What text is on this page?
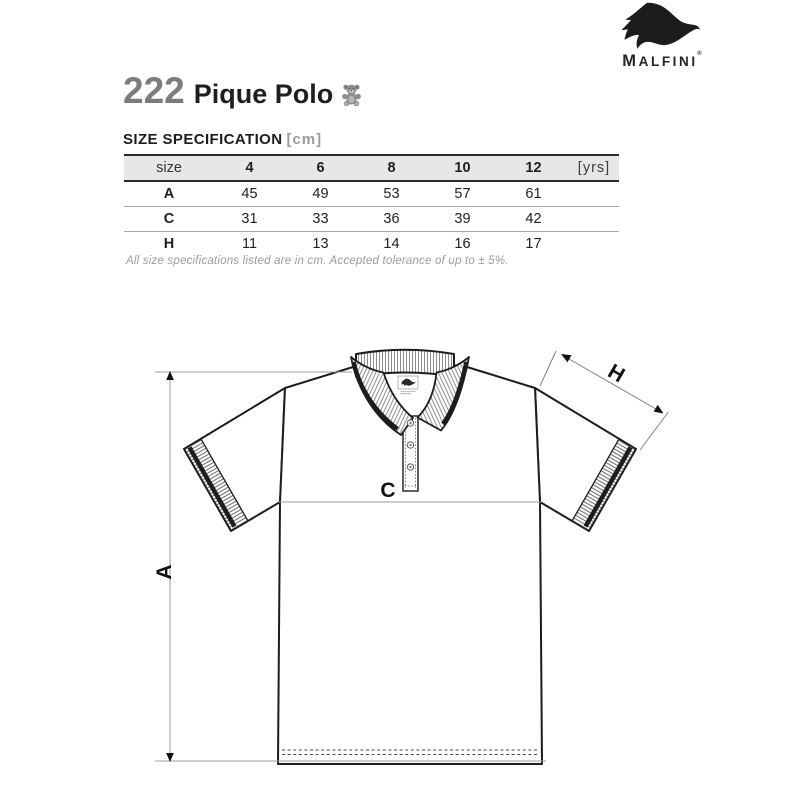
MALFINI ®
222 Pique Polo
SIZE SPECIFICATION [cm]
size	4	6	8	10	12	[yrs]
A	45	49	53	57	61	
C	31	33	36	39	42	
H	11	13	14	16	17	
All size specifications listed are in cm. Accepted tolerance of up to ± 5%.
A
C
H
